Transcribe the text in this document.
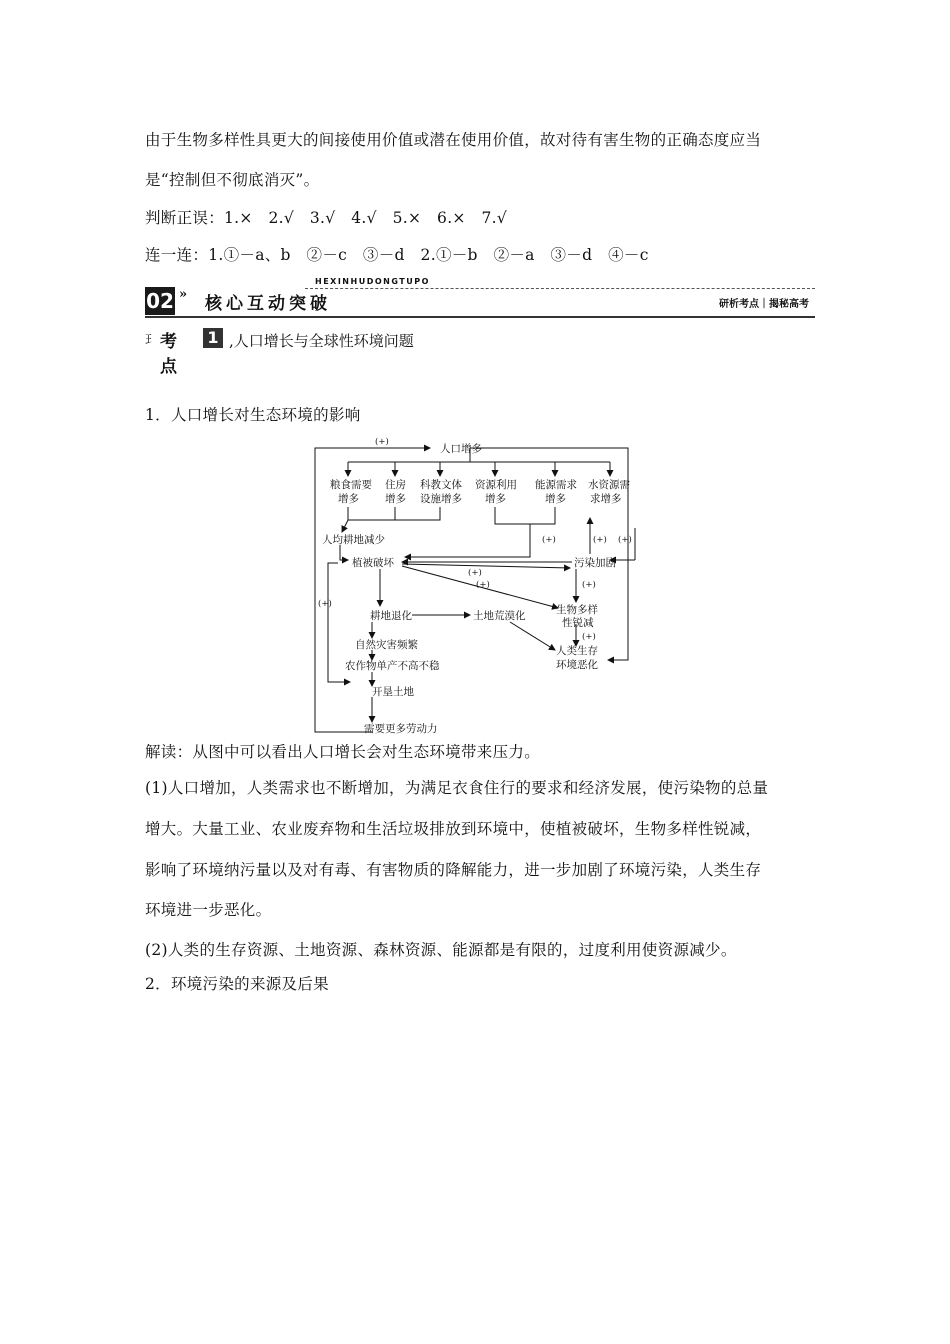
由于生物多样性具更大的间接使用价值或潜在使用价值，故对待有害生物的正确态度应当
是“控制但不彻底消灭”。
判断正误：1.×　2.√　3.√　4.√　5.×　6.×　7.√
连一连：1.①－a、b　②－c　③－d　2.①－b　②－a　③－d　④－c
HEXINHUDONGTUPO
02 » 核心互动突破	研析考点｜揭秘高考
⺩ 考点
1 ,人口增长与全球性环境问题
1．人口增长对生态环境的影响
(+)
人口增多
粮食需要
增多
住房
增多
科教文体
设施增多
资源利用
增多
能源需求
增多
水资源需
求增多
人均耕地减少	(+)	(+) (+)
植被破坏	污染加剧
(+)
(+)	(+)
(+)
耕地退化	土地荒漠化	生物多样
性锐减
(+)
自然灾害频繁
农作物单产不高不稳
人类生存
环境恶化
开垦土地
需要更多劳动力
解读：从图中可以看出人口增长会对生态环境带来压力。
(1)人口增加，人类需求也不断增加，为满足衣食住行的要求和经济发展，使污染物的总量
增大。大量工业、农业废弃物和生活垃圾排放到环境中，使植被破坏，生物多样性锐减，
影响了环境纳污量以及对有毒、有害物质的降解能力，进一步加剧了环境污染，人类生存
环境进一步恶化。
(2)人类的生存资源、土地资源、森林资源、能源都是有限的，过度利用使资源减少。
2．环境污染的来源及后果
